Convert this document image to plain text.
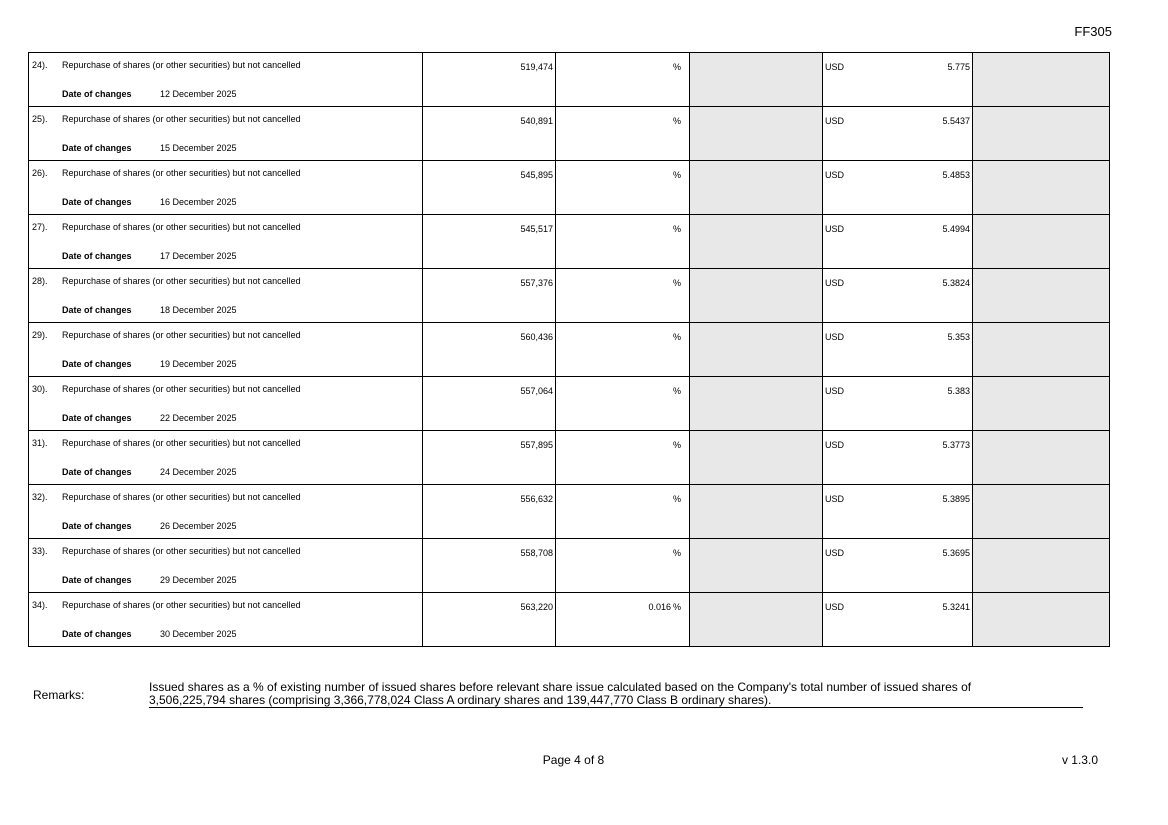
FF305
24). Repurchase of shares (or other securities) but not cancelled
Date of changes 12 December 2025	519,474	%		USD 5.775	

25). Repurchase of shares (or other securities) but not cancelled
Date of changes 15 December 2025	540,891	%		USD 5.5437	

26). Repurchase of shares (or other securities) but not cancelled
Date of changes 16 December 2025	545,895	%		USD 5.4853	

27). Repurchase of shares (or other securities) but not cancelled
Date of changes 17 December 2025	545,517	%		USD 5.4994	

28). Repurchase of shares (or other securities) but not cancelled
Date of changes 18 December 2025	557,376	%		USD 5.3824	

29). Repurchase of shares (or other securities) but not cancelled
Date of changes 19 December 2025	560,436	%		USD 5.353	

30). Repurchase of shares (or other securities) but not cancelled
Date of changes 22 December 2025	557,064	%		USD 5.383	

31). Repurchase of shares (or other securities) but not cancelled
Date of changes 24 December 2025	557,895	%		USD 5.3773	

32). Repurchase of shares (or other securities) but not cancelled
Date of changes 26 December 2025	556,632	%		USD 5.3895	

33). Repurchase of shares (or other securities) but not cancelled
Date of changes 29 December 2025	558,708	%		USD 5.3695	

34). Repurchase of shares (or other securities) but not cancelled
Date of changes 30 December 2025	563,220	0.016 %		USD 5.3241	

Remarks:
Issued shares as a % of existing number of issued shares before relevant share issue calculated based on the Company's total number of issued shares of
3,506,225,794 shares (comprising 3,366,778,024 Class A ordinary shares and 139,447,770 Class B ordinary shares).
Page 4 of 8	v 1.3.0
